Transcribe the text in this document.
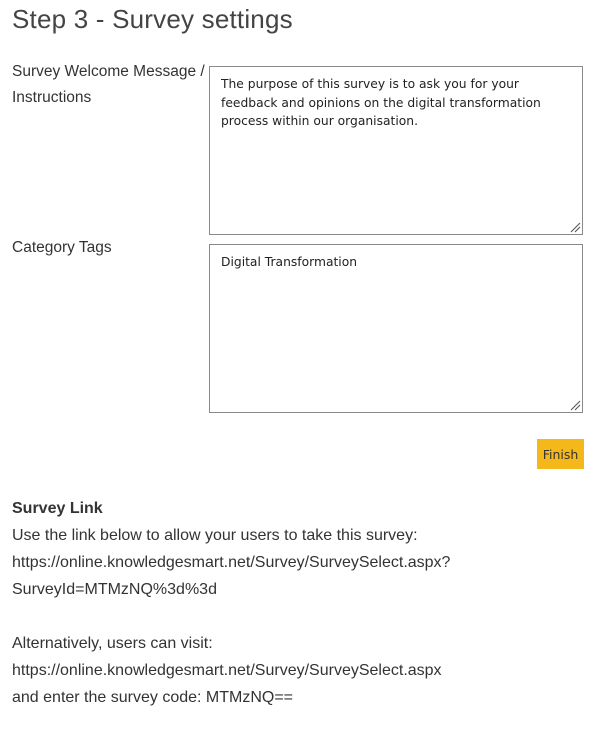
Step 3 - Survey settings
Survey Welcome Message / Instructions
The purpose of this survey is to ask you for your feedback and opinions on the digital transformation process within our organisation.
Category Tags
Digital Transformation
Finish
Survey Link
Use the link below to allow your users to take this survey:
https://online.knowledgesmart.net/Survey/SurveySelect.aspx?
SurveyId=MTMzNQ%3d%3d
Alternatively, users can visit:
https://online.knowledgesmart.net/Survey/SurveySelect.aspx
and enter the survey code: MTMzNQ==
